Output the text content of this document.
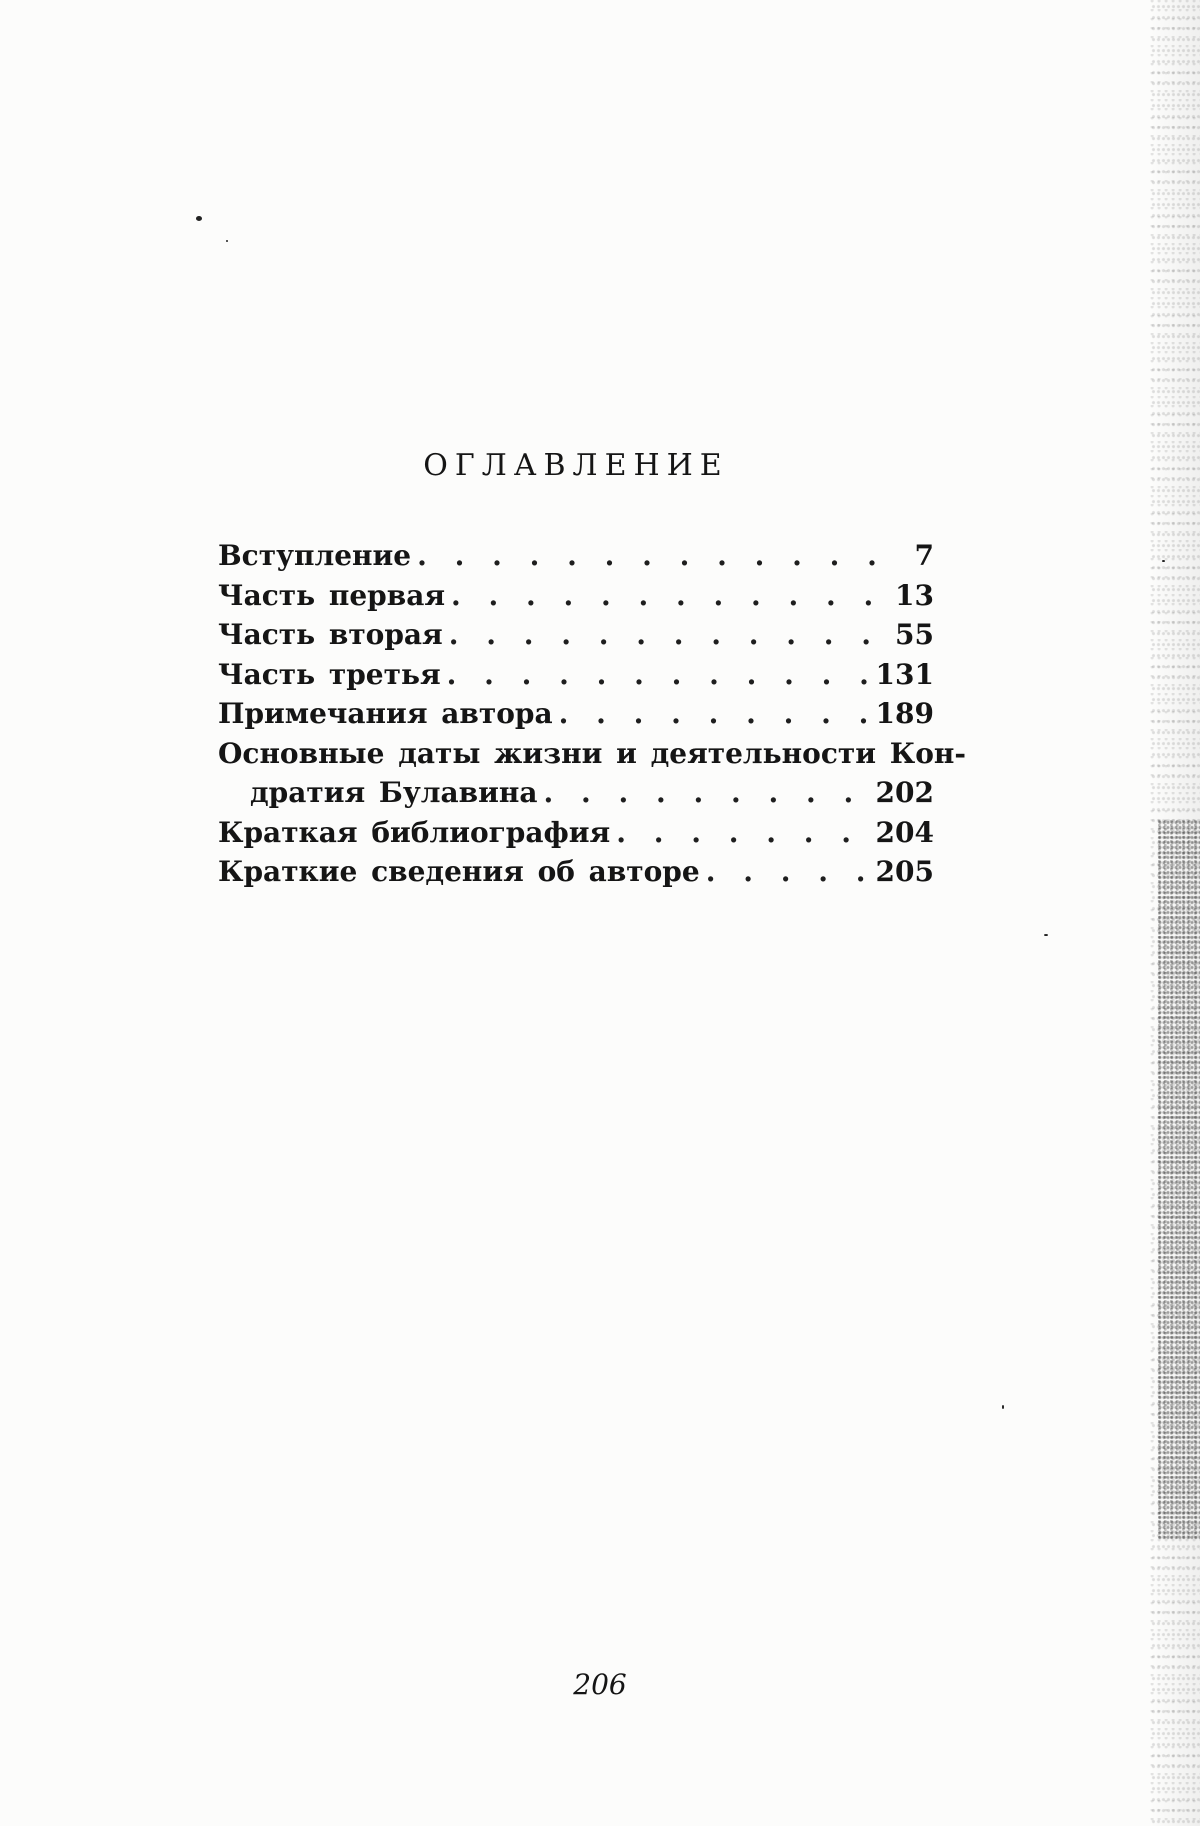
ОГЛАВЛЕНИЕ
Вступление . . .	7
Часть первая . . .	13
Часть вторая . . .	55
Часть третья . . .	131
Примечания автора . . .	189
Основные даты жизни и деятельности Кон-
дратия Булавина . . .	202
Краткая библиография . . .	204
Краткие сведения об авторе . . .	205

206
